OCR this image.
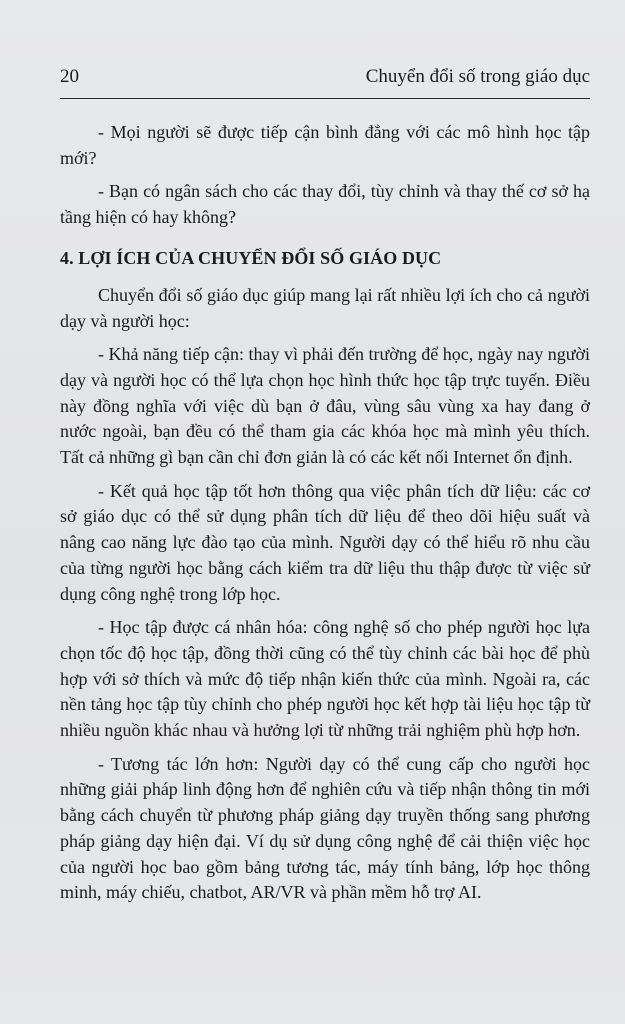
20	Chuyển đổi số trong giáo dục

- Mọi người sẽ được tiếp cận bình đẳng với các mô hình học tập mới?

- Bạn có ngân sách cho các thay đổi, tùy chỉnh và thay thế cơ sở hạ tầng hiện có hay không?

4. LỢI ÍCH CỦA CHUYỂN ĐỔI SỐ GIÁO DỤC

Chuyển đổi số giáo dục giúp mang lại rất nhiều lợi ích cho cả người dạy và người học:

- Khả năng tiếp cận: thay vì phải đến trường để học, ngày nay người dạy và người học có thể lựa chọn học hình thức học tập trực tuyến. Điều này đồng nghĩa với việc dù bạn ở đâu, vùng sâu vùng xa hay đang ở nước ngoài, bạn đều có thể tham gia các khóa học mà mình yêu thích. Tất cả những gì bạn cần chỉ đơn giản là có các kết nối Internet ổn định.

- Kết quả học tập tốt hơn thông qua việc phân tích dữ liệu: các cơ sở giáo dục có thể sử dụng phân tích dữ liệu để theo dõi hiệu suất và nâng cao năng lực đào tạo của mình. Người dạy có thể hiểu rõ nhu cầu của từng người học bằng cách kiểm tra dữ liệu thu thập được từ việc sử dụng công nghệ trong lớp học.

- Học tập được cá nhân hóa: công nghệ số cho phép người học lựa chọn tốc độ học tập, đồng thời cũng có thể tùy chỉnh các bài học để phù hợp với sở thích và mức độ tiếp nhận kiến thức của mình. Ngoài ra, các nền tảng học tập tùy chỉnh cho phép người học kết hợp tài liệu học tập từ nhiều nguồn khác nhau và hưởng lợi từ những trải nghiệm phù hợp hơn.

- Tương tác lớn hơn: Người dạy có thể cung cấp cho người học những giải pháp linh động hơn để nghiên cứu và tiếp nhận thông tin mới bằng cách chuyển từ phương pháp giảng dạy truyền thống sang phương pháp giảng dạy hiện đại. Ví dụ sử dụng công nghệ để cải thiện việc học của người học bao gồm bảng tương tác, máy tính bảng, lớp học thông minh, máy chiếu, chatbot, AR/VR và phần mềm hỗ trợ AI.
